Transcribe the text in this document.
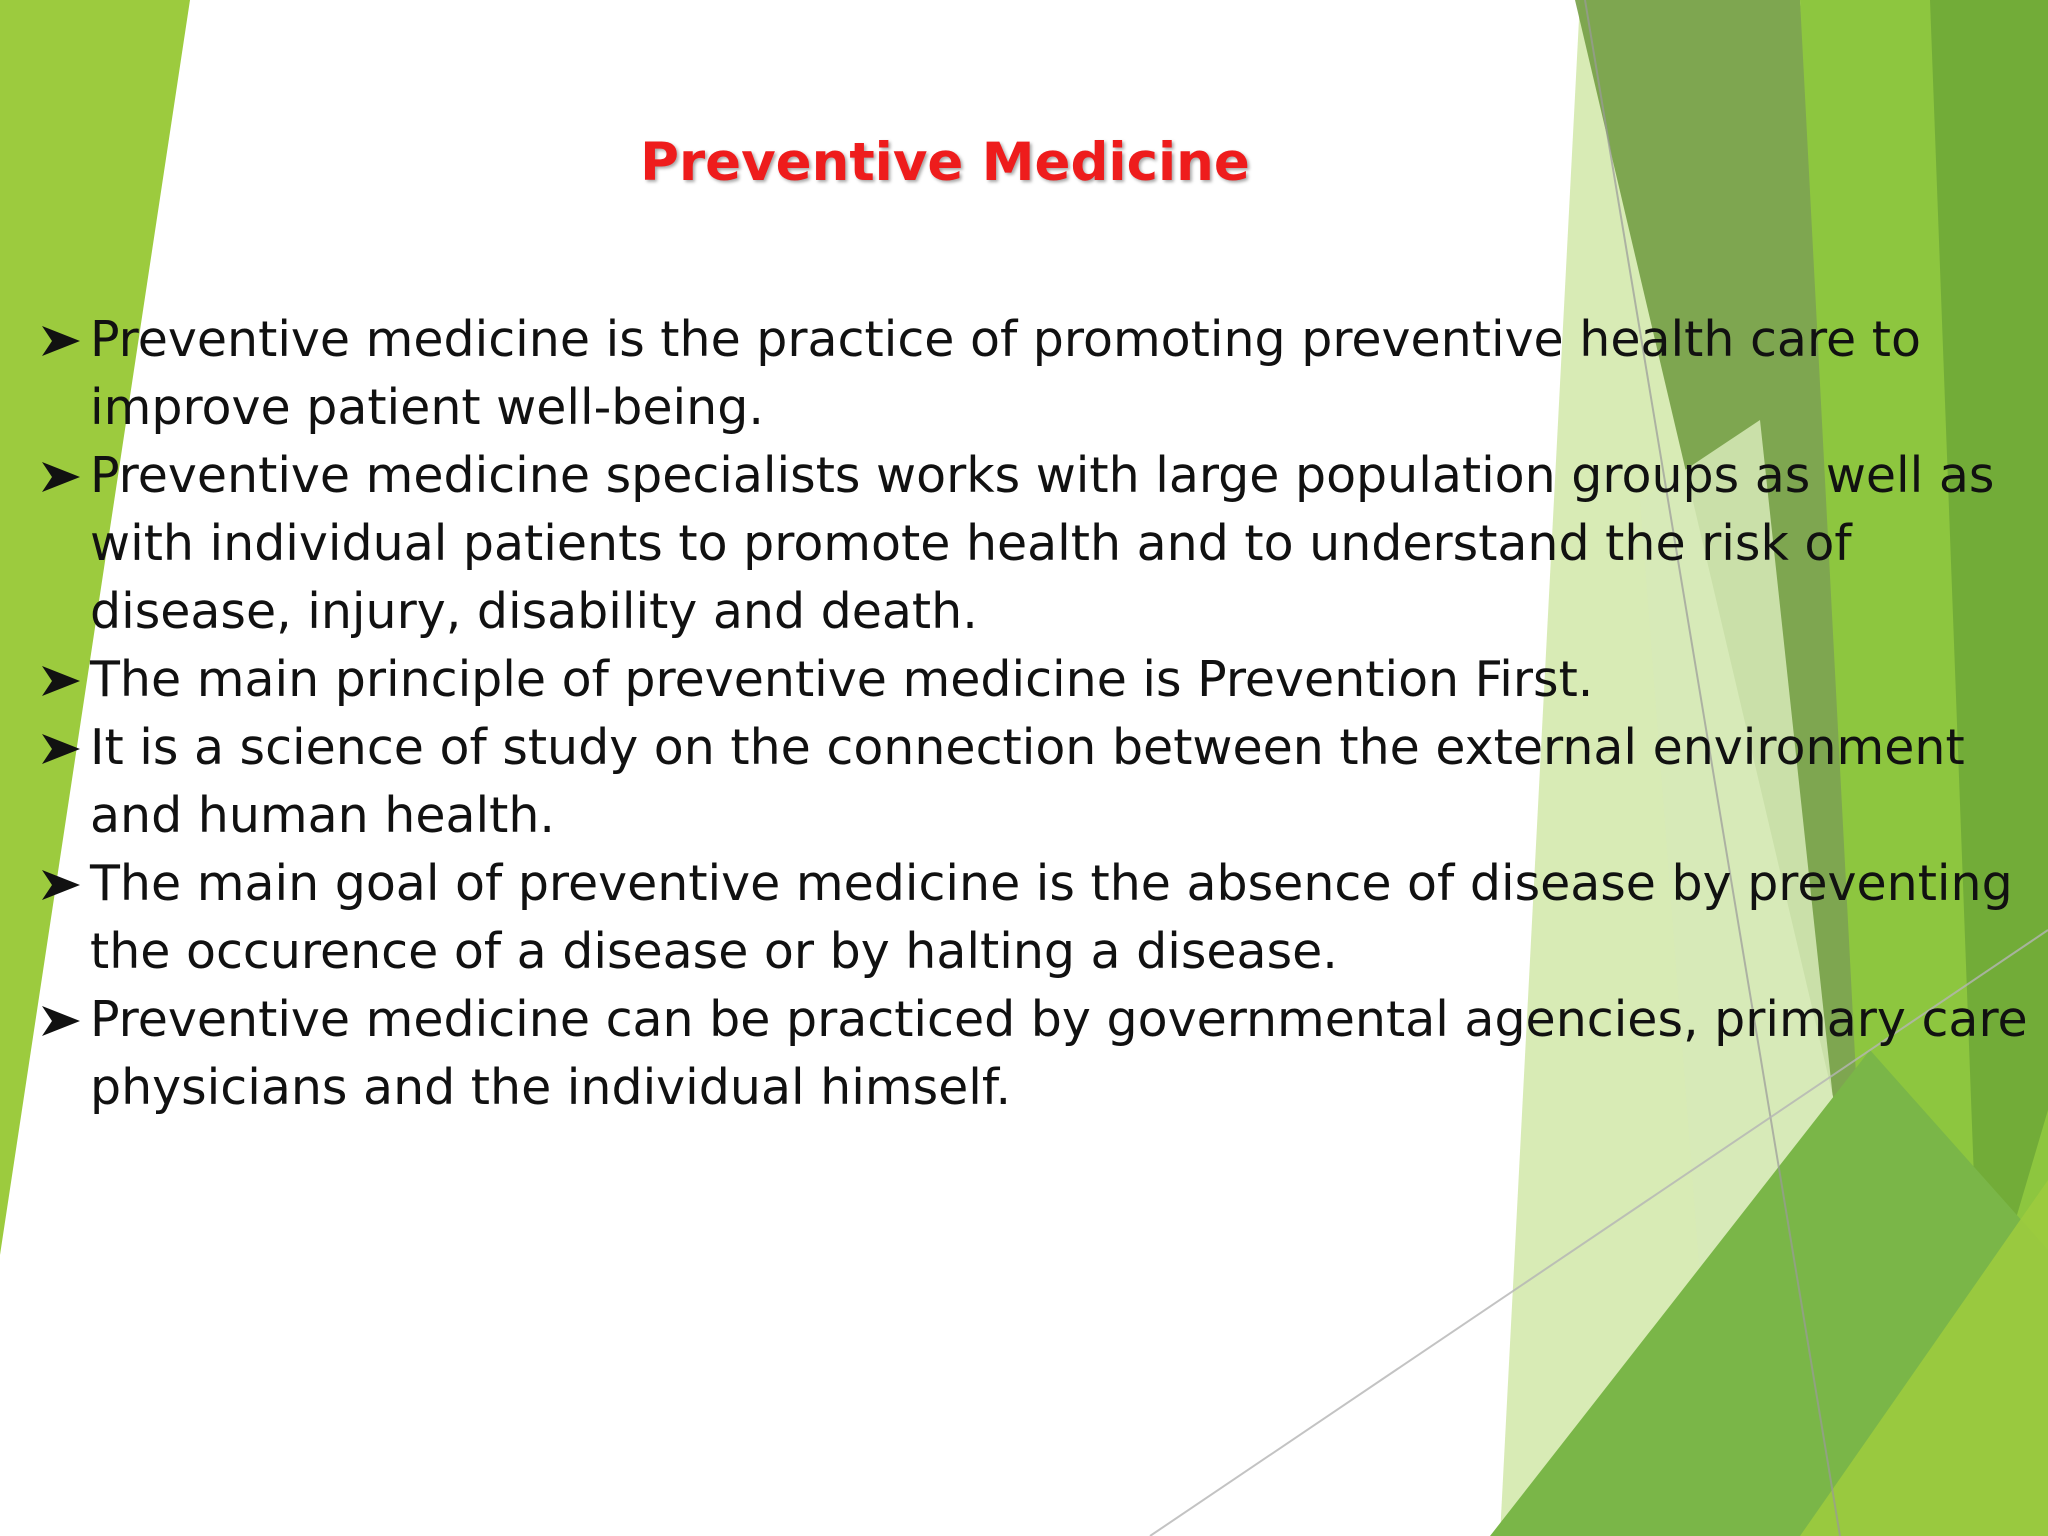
Preventive Medicine
Preventive medicine is the practice of promoting preventive health care to improve patient well-being.
Preventive medicine specialists works with large population groups as well as with individual patients to promote health and to understand the risk of disease, injury, disability and death.
The main principle of preventive medicine is Prevention First.
It is a science of study on the connection between the external environment and human health.
The main goal of preventive medicine is the absence of disease by preventing the occurence of a disease or by halting a disease.
Preventive medicine can be practiced by governmental agencies, primary care physicians and the individual himself.
